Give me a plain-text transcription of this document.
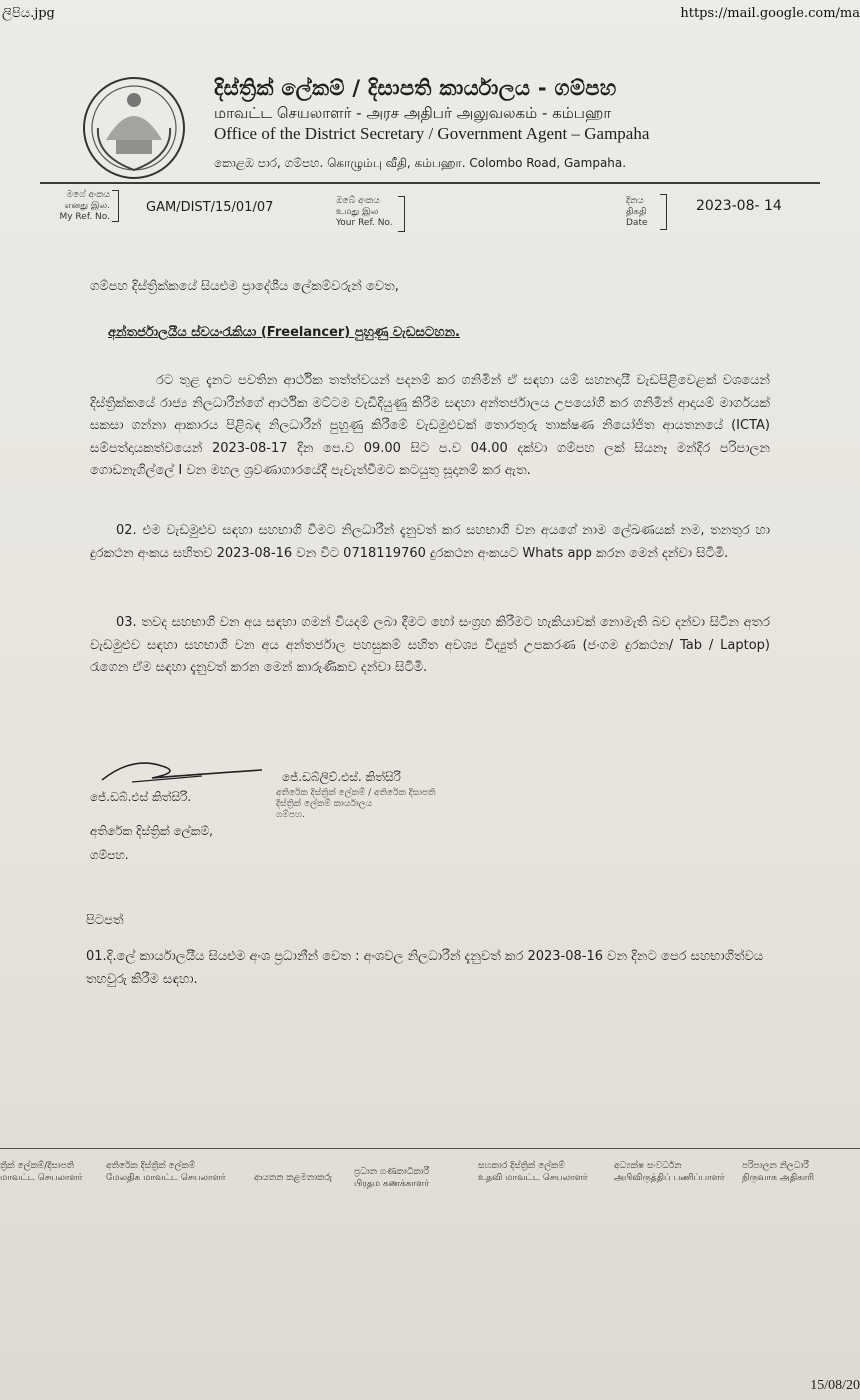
ලිපිය.jpg	https://mail.google.com/ma
දිස්ත්‍රික් ලේකම් / දිසාපති කාර්යාලය - ගම්පහ
மாவட்ட செயலாளர் - அரச அதிபர் அலுவலகம் - கம்பஹா
Office of the District Secretary / Government Agent – Gampaha
කොළඹ පාර, ගම්පහ. கொழும்பு வீதி, கம்பஹா. Colombo Road, Gampaha.
මගේ අංකය
எனது இல.
My Ref. No.
GAM/DIST/15/01/07	ඔබේ අංකය
உமது இல
Your Ref. No.
දිනය
திகதி
Date
2023-08- 14
ගම්පහ දිස්ත්‍රික්කයේ සියළුම ප්‍රාදේශීය ලේකම්වරුන් වෙත,
අන්තර්ජාලයීය ස්වයංරැකියා (Freelancer) පුහුණු වැඩසටහන.
රට තුළ දැනට පවතින ආර්ථික තත්ත්වයන් පදනම් කර ගනිමින් ඒ සඳහා යම් සහනදායී වැඩපිළිවෙළක් වශයෙන් දිස්ත්‍රික්කයේ රාජ්‍ය නිලධාරීන්ගේ ආර්ථික මට්ටම වැඩිදියුණු කිරීම සඳහා අන්තර්ජාලය උපයෝගී කර ගනිමින් ආදායම් මාර්ගයක් සකසා ගන්නා ආකාරය පිළිබඳ නිලධාරීන් පුහුණු කිරීමේ වැඩමුළුවක් තොරතුරු තාක්ෂණ නියෝජිත ආයතනයේ (ICTA) සම්පත්දායකත්වයෙන් 2023-08-17 දින පෙ.ව 09.00 සිට ප.ව 04.00 දක්වා ගම්පහ ලක් සියනෑ මන්දිර පරිපාලන ගොඩනැගිල්ලේ I වන මහල ශ්‍රවණාගාරයේදී පැවැත්වීමට කටයුතු සූදානම් කර ඇත.
02. එම වැඩමුළුව සඳහා සහභාගි වීමට නිලධාරීන් දැනුවත් කර සහභාගි වන අයගේ නාම ලේඛණයක් නම, තනතුර හා දුරකථන අංකය සහිතව 2023-08-16 වන විට 0718119760 දුරකථන අංකයට Whats app කරන මෙන් දන්වා සිටිමි.
03. තවද සහභාගි වන අය සඳහා ගමන් වියදම් ලබා දීමට හෝ සංග්‍රහ කිරීමට හැකියාවක් නොමැති බව දන්වා සිටින අතර වැඩමුළුව සඳහා සහභාගි වන අය අන්තර්ජාල පහසුකම් සහිත අවශ්‍ය විද්‍යුත් උපකරණ (ජංගම දුරකථන/ Tab / Laptop) රැගෙන ඒම සඳහා දැනුවත් කරන මෙන් කාරුණිකව දන්වා සිටිමි.
ජේ.ඩබ්ලිව්.එස්. කිත්සිරි
අතිරේක දිස්ත්‍රික් ලේකම් / අතිරේක දිසාපති
දිස්ත්‍රික් ලේකම් කාර්යාලය
ගම්පහ.
ජේ.ඩබ්.එස් කිත්සිරි.
අතිරේක දිස්ත්‍රික් ලේකම්,
ගම්පහ.
පිටපත්
01.දි.ලේ කාර්යාලයීය සියළුම අංශ ප්‍රධානීන් වෙත : අංශවල නිලධාරීන් දැනුවත් කර 2023-08-16 වන දිනට පෙර සහභාගිත්වය තහවුරු කිරීම සඳහා.
ත්‍රික් ලේකම්/දිසාපති
மாவட்ட செயலாளர்
අතිරේක දිස්ත්‍රික් ලේකම්
மேலதிக மாவட்ட செயலாளர்	ආයතන කළමනාකරු
ප්‍රධාන ගණකාධිකාරී
பிரதம கணக்காளர்
සහකාර දිස්ත්‍රික් ලේකම්
உதவி மாவட்ட செயலாளர்
අධ්‍යක්ෂ සංවර්ධන
அபிவிருத்திப் பணிப்பாளர்
පරිපාලන නිලධාරී
நிருவாக அதிகாரி
15/08/20
